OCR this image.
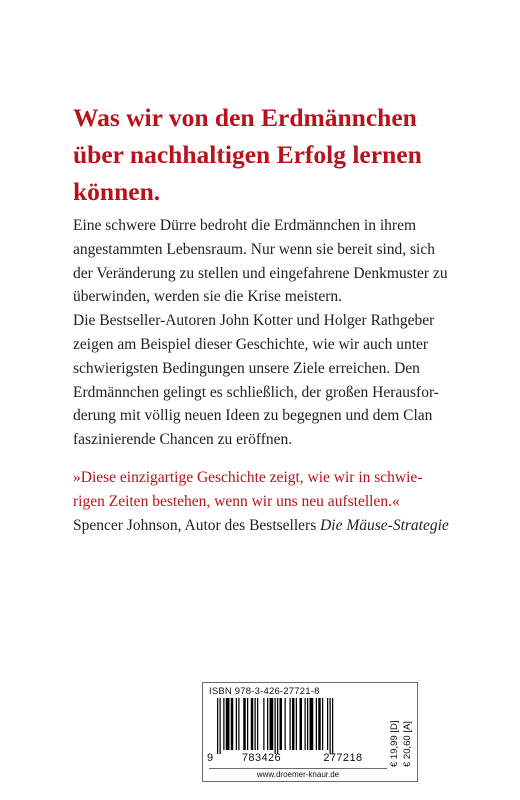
Was wir von den Erdmännchen
über nachhaltigen Erfolg lernen
können.

Eine schwere Dürre bedroht die Erdmännchen in ihrem

angestammten Lebensraum. Nur wenn sie bereit sind, sich

der Veränderung zu stellen und eingefahrene Denkmuster zu

überwinden, werden sie die Krise meistern.

Die Bestseller-Autoren John Kotter und Holger Rathgeber

zeigen am Beispiel dieser Geschichte, wie wir auch unter

schwierigsten Bedingungen unsere Ziele erreichen. Den

Erdmännchen gelingt es schließlich, der großen Herausfor-

derung mit völlig neuen Ideen zu begegnen und dem Clan

faszinierende Chancen zu eröffnen.

»Diese einzigartige Geschichte zeigt, wie wir in schwie-

rigen Zeiten bestehen, wenn wir uns neu aufstellen.«

Spencer Johnson, Autor des Bestsellers Die Mäuse-Strategie

ISBN 978-3-426-27721-8
9	783426	277218
www.droemer-knaur.de
€ 19,99 [D] € 20,60 [A]
